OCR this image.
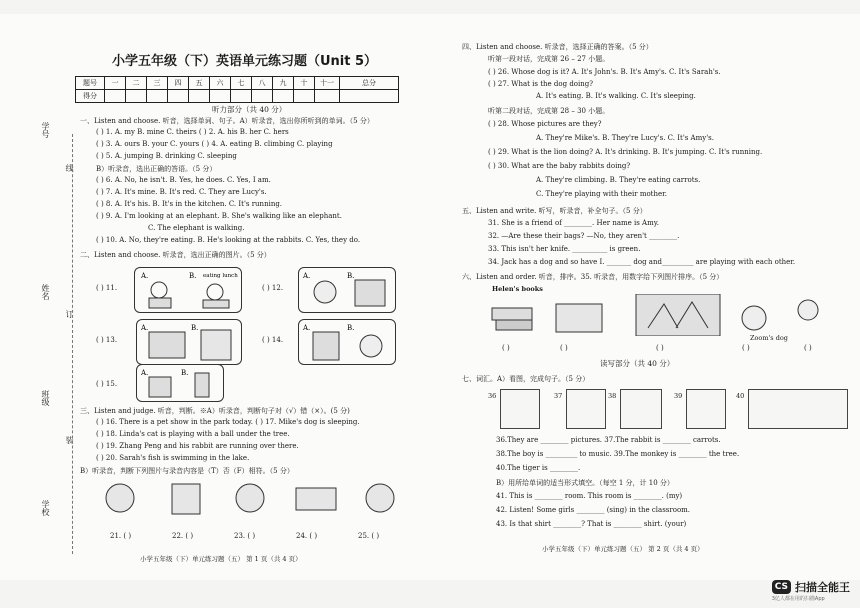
小学五年级（下）英语单元练习题（Unit 5）
题号	一	二	三	四	五	六	七	八	九	十	十一	总分
得分												
学号
线
姓名
订
班级
装
学校
听力部分（共 40 分）
一、Listen and choose. 听音，选择单词、句子。A）听录音，选出你所听到的单词。（5 分）
( ) 1. A. my B. mine C. theirs ( ) 2. A. his B. her C. hers
( ) 3. A. ours B. your C. yours ( ) 4. A. eating B. climbing C. playing
( ) 5. A. jumping B. drinking C. sleeping
B）听录音，选出正确的答语。（5 分）
( ) 6. A. No, he isn't. B. Yes, he does. C. Yes, I am.
( ) 7. A. It's mine. B. It's red. C. They are Lucy's.
( ) 8. A. It's his. B. It's in the kitchen. C. It's running.
( ) 9. A. I'm looking at an elephant. B. She's walking like an elephant.
C. The elephant is walking.
( ) 10. A. No, they're eating. B. He's looking at the rabbits. C. Yes, they do.
二、Listen and choose. 听录音，选出正确的图片。（5 分）
( ) 11.
A.	B. eating lunch
( ) 12.
A.	B.
( ) 13.
A.	B.
( ) 14.
A.	B.
( ) 15.
A.	B.
三、Listen and judge. 听音，判断。※A）听录音，判断句子对（√）错（×）。(5 分)
( ) 16. There is a pet show in the park today. ( ) 17. Mike's dog is sleeping.
( ) 18. Linda's cat is playing with a ball under the tree.
( ) 19. Zhang Peng and his rabbit are running over there.
( ) 20. Sarah's fish is swimming in the lake.
B）听录音，判断下列图片与录音内容是（T）否（F）相符。（5 分）
21. ( )	22. ( )	23. ( )	24. ( )	25. ( )
小学五年级（下）单元练习题（五） 第 1 页（共 4 页）
四、Listen and choose. 听录音，选择正确的答案。（5 分）
听第一段对话，完成第 26 – 27 小题。
( ) 26. Whose dog is it? A. It's John's. B. It's Amy's. C. It's Sarah's.
( ) 27. What is the dog doing?
A. It's eating. B. It's walking. C. It's sleeping.
听第二段对话，完成第 28 – 30 小题。
( ) 28. Whose pictures are they?
A. They're Mike's. B. They're Lucy's. C. It's Amy's.
( ) 29. What is the lion doing? A. It's drinking. B. It's jumping. C. It's running.
( ) 30. What are the baby rabbits doing?
A. They're climbing. B. They're eating carrots.
C. They're playing with their mother.
五、Listen and write. 听写，听录音，补全句子。（5 分）
31. She is a friend of ________. Her name is Amy.
32. —Are these their bags? —No, they aren't ________.
33. This isn't her knife. __________ is green.
34. Jack has a dog and so have I. _______ dog and_________ are playing with each other.
六、Listen and order. 听音，排序。35. 听录音，用数字给下列图片排序。（5 分）
Helen's books
Zoom's dog
( )	( )	( )	( )	( )
读写部分（共 40 分）
七、词汇。A）看图，完成句子。（5 分）
36	37	38	39	40
36.They are ________ pictures. 37.The rabbit is ________ carrots.
38.The boy is _________ to music. 39.The monkey is ________ the tree.
40.The tiger is ________.
B）用所给单词的适当形式填空。（每空 1 分，计 10 分）
41. This is ________ room. This room is ________. (my)
42. Listen! Some girls ________ (sing) in the classroom.
43. Is that shirt ________? That is ________ shirt. (your)
小学五年级（下）单元练习题（五） 第 2 页（共 4 页）
CS 扫描全能王
3亿人都在用的扫描App
